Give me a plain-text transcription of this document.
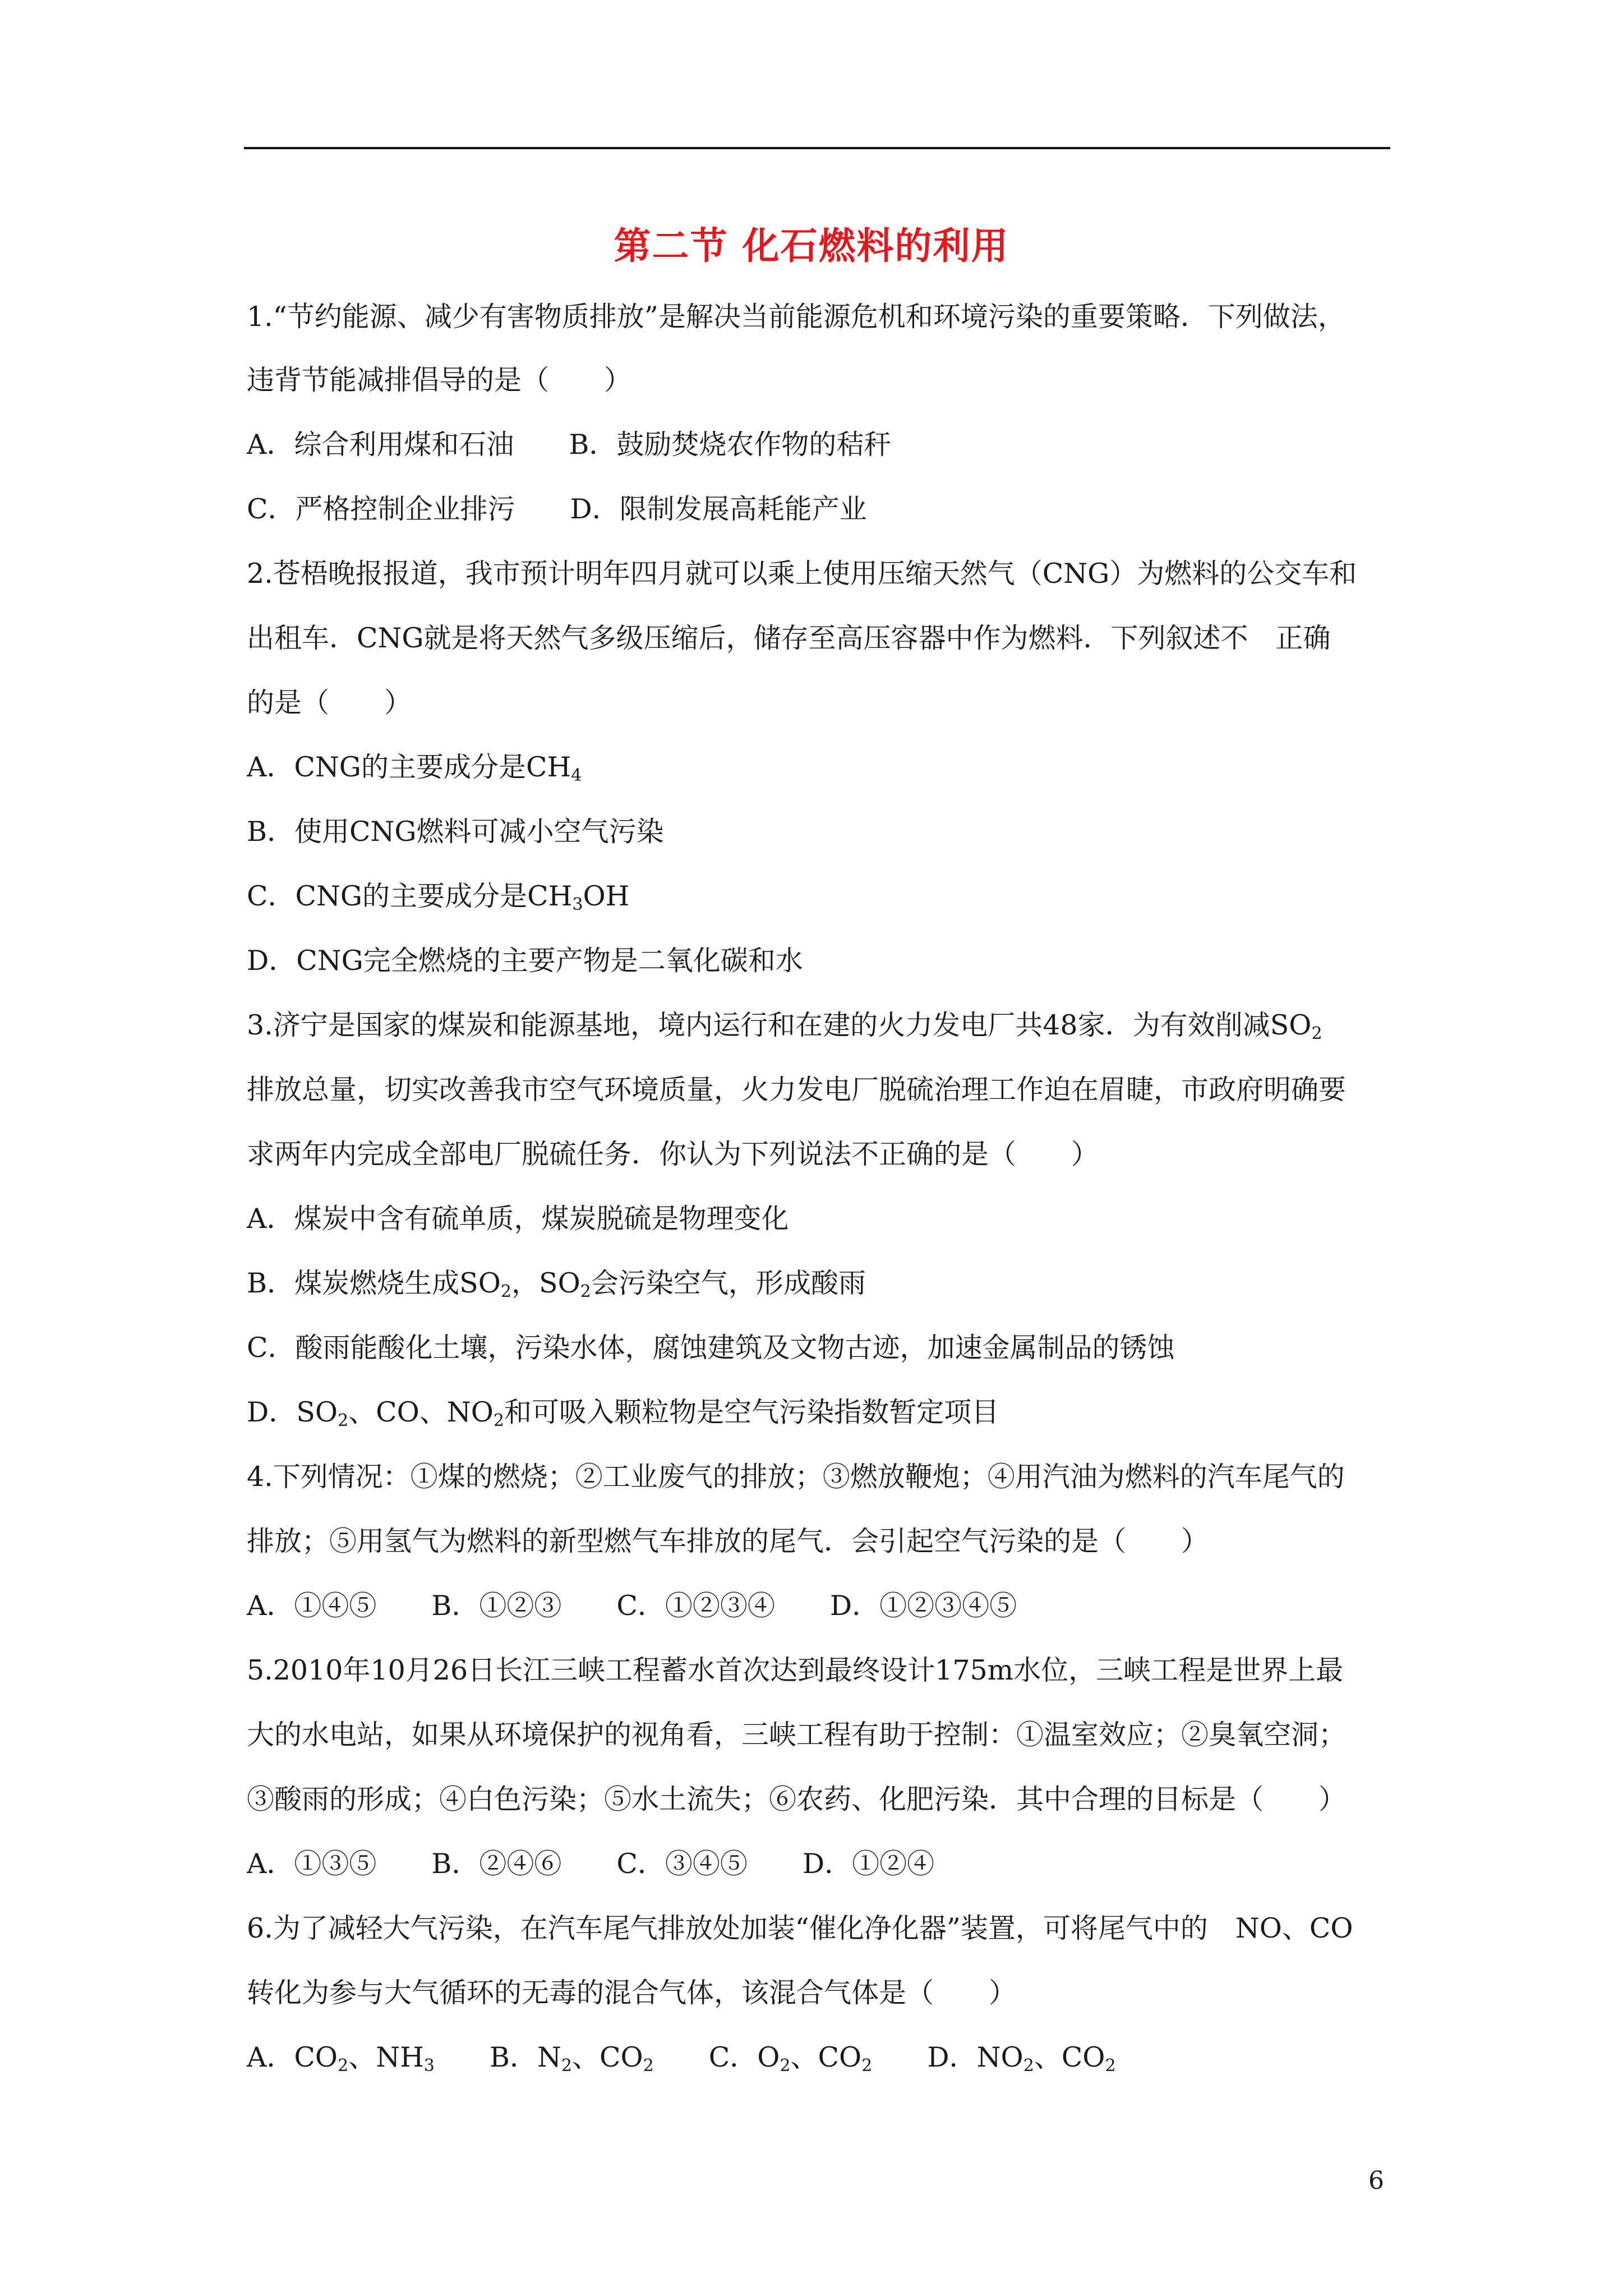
第二节 化石燃料的利用
1.“节约能源、减少有害物质排放”是解决当前能源危机和环境污染的重要策略．下列做法，
违背节能减排倡导的是（　　）
A．综合利用煤和石油　　B．鼓励焚烧农作物的秸秆
C．严格控制企业排污　　D．限制发展高耗能产业
2.苍梧晚报报道，我市预计明年四月就可以乘上使用压缩天然气（CNG）为燃料的公交车和
出租车．CNG就是将天然气多级压缩后，储存至高压容器中作为燃料．下列叙述不　正确
的是（　　）
A．CNG的主要成分是$CH_4$
B．使用CNG燃料可减小空气污染
C．CNG的主要成分是$CH_3OH$
D．CNG完全燃烧的主要产物是二氧化碳和水
3.济宁是国家的煤炭和能源基地，境内运行和在建的火力发电厂共48家．为有效削减$SO_2$
排放总量，切实改善我市空气环境质量，火力发电厂脱硫治理工作迫在眉睫，市政府明确要
求两年内完成全部电厂脱硫任务．你认为下列说法不正确的是（　　）
A．煤炭中含有硫单质，煤炭脱硫是物理变化
B．煤炭燃烧生成$SO_2$，$SO_2$会污染空气，形成酸雨
C．酸雨能酸化土壤，污染水体，腐蚀建筑及文物古迹，加速金属制品的锈蚀
D．$SO_2$、CO、$NO_2$和可吸入颗粒物是空气污染指数暂定项目
4.下列情况：①煤的燃烧；②工业废气的排放；③燃放鞭炮；④用汽油为燃料的汽车尾气的
排放；⑤用氢气为燃料的新型燃气车排放的尾气．会引起空气污染的是（　　）
A．①④⑤　　B．①②③　　C．①②③④　　D．①②③④⑤
5.2010年10月26日长江三峡工程蓄水首次达到最终设计175m水位，三峡工程是世界上最
大的水电站，如果从环境保护的视角看，三峡工程有助于控制：①温室效应；②臭氧空洞；
③酸雨的形成；④白色污染；⑤水土流失；⑥农药、化肥污染．其中合理的目标是（　　）
A．①③⑤　　B．②④⑥　　C．③④⑤　　D．①②④
6.为了减轻大气污染，在汽车尾气排放处加装“催化净化器”装置，可将尾气中的　NO、CO
转化为参与大气循环的无毒的混合气体，该混合气体是（　　）
A．$CO_2$、$NH_3$　　 B．$N_2$、$CO_2$　　 C．$O_2$、$CO_2$　　 D．$NO_2$、$CO_2$
6
